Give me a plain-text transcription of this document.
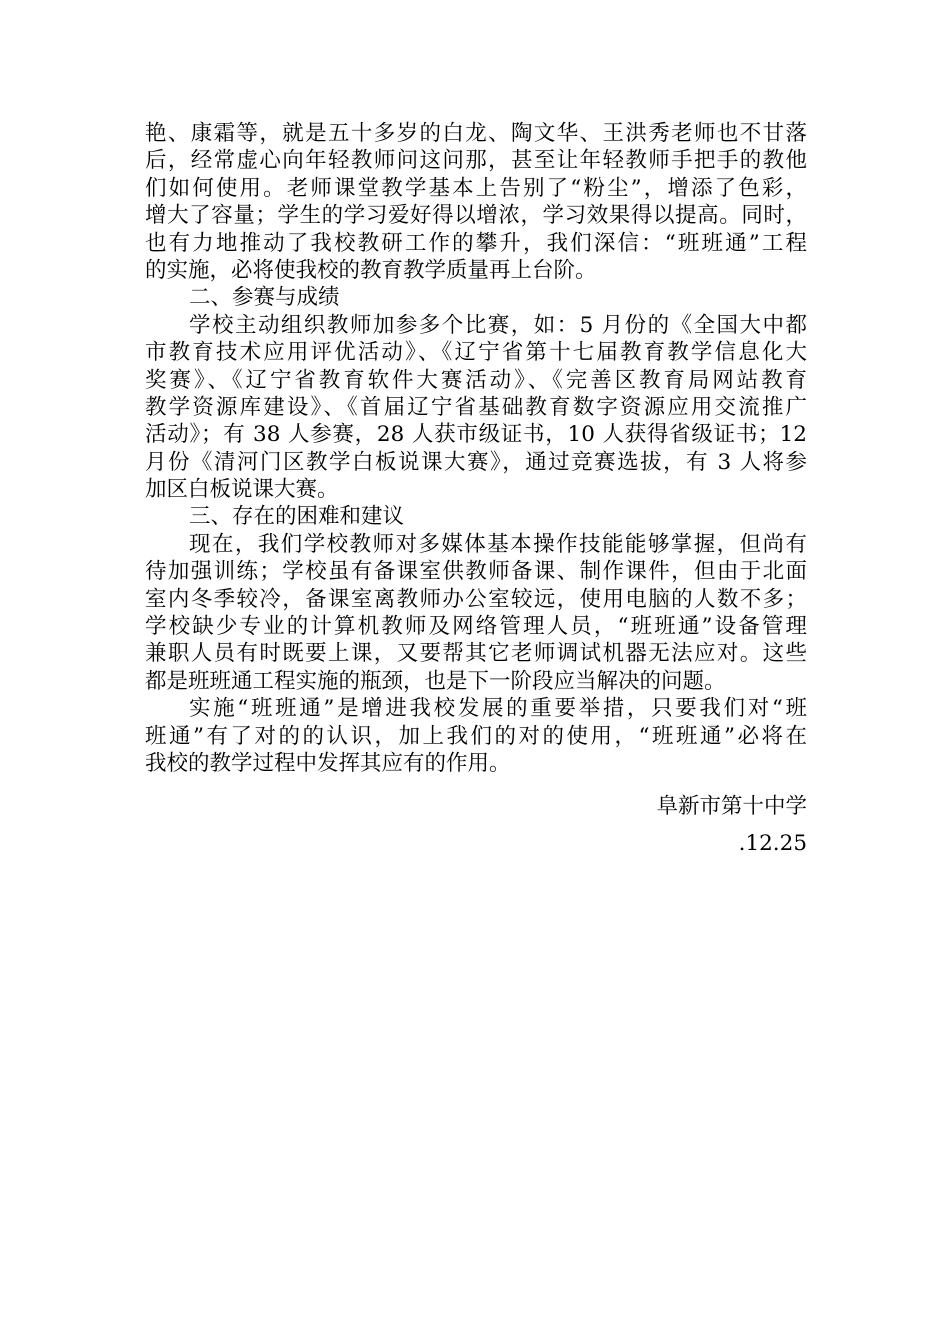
艳、康霜等，就是五十多岁的白龙、陶文华、王洪秀老师也不甘落
后，经常虚心向年轻教师问这问那，甚至让年轻教师手把手的教他
们如何使用。老师课堂教学基本上告别了“粉尘”，增添了色彩，
增大了容量；学生的学习爱好得以增浓，学习效果得以提高。同时，
也有力地推动了我校教研工作的攀升，我们深信：“班班通”工程
的实施，必将使我校的教育教学质量再上台阶。
二、参赛与成绩
学校主动组织教师加参多个比赛，如：5 月份的《全国大中都
市教育技术应用评优活动》、《辽宁省第十七届教育教学信息化大
奖赛》、《辽宁省教育软件大赛活动》、《完善区教育局网站教育
教学资源库建设》、《首届辽宁省基础教育数字资源应用交流推广
活动》；有 38 人参赛，28 人获市级证书，10 人获得省级证书；12
月份《清河门区教学白板说课大赛》，通过竞赛选拔，有 3 人将参
加区白板说课大赛。
三、存在的困难和建议
现在，我们学校教师对多媒体基本操作技能能够掌握，但尚有
待加强训练；学校虽有备课室供教师备课、制作课件，但由于北面
室内冬季较冷，备课室离教师办公室较远，使用电脑的人数不多；
学校缺少专业的计算机教师及网络管理人员，“班班通”设备管理
兼职人员有时既要上课，又要帮其它老师调试机器无法应对。这些
都是班班通工程实施的瓶颈，也是下一阶段应当解决的问题。
实施“班班通”是增进我校发展的重要举措，只要我们对“班
班通”有了对的的认识，加上我们的对的使用，“班班通”必将在
我校的教学过程中发挥其应有的作用。
阜新市第十中学
.12.25
